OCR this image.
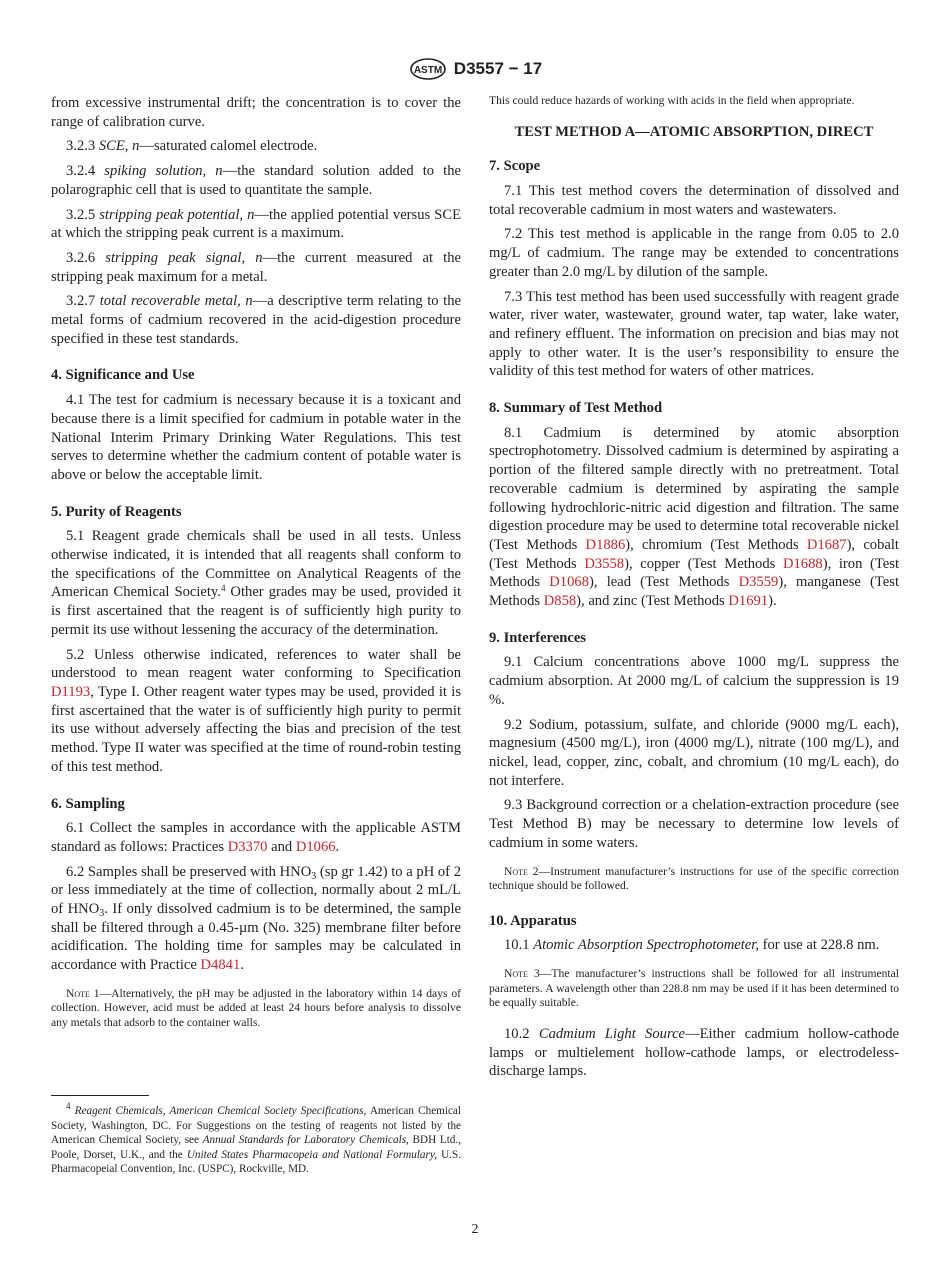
ASTM D3557 − 17

from excessive instrumental drift; the concentration is to cover the range of calibration curve.

3.2.3 SCE, n—saturated calomel electrode.

3.2.4 spiking solution, n—the standard solution added to the polarographic cell that is used to quantitate the sample.

3.2.5 stripping peak potential, n—the applied potential versus SCE at which the stripping peak current is a maximum.

3.2.6 stripping peak signal, n—the current measured at the stripping peak maximum for a metal.

3.2.7 total recoverable metal, n—a descriptive term relating to the metal forms of cadmium recovered in the acid-digestion procedure specified in these test standards.

4. Significance and Use

4.1 The test for cadmium is necessary because it is a toxicant and because there is a limit specified for cadmium in potable water in the National Interim Primary Drinking Water Regulations. This test serves to determine whether the cadmium content of potable water is above or below the acceptable limit.

5. Purity of Reagents

5.1 Reagent grade chemicals shall be used in all tests. Unless otherwise indicated, it is intended that all reagents shall conform to the specifications of the Committee on Analytical Reagents of the American Chemical Society.$^4$ Other grades may be used, provided it is first ascertained that the reagent is of sufficiently high purity to permit its use without lessening the accuracy of the determination.

5.2 Unless otherwise indicated, references to water shall be understood to mean reagent water conforming to Specification D1193, Type I. Other reagent water types may be used, provided it is first ascertained that the water is of sufficiently high purity to permit its use without adversely affecting the bias and precision of the test method. Type II water was specified at the time of round-robin testing of this test method.

6. Sampling

6.1 Collect the samples in accordance with the applicable ASTM standard as follows: Practices D3370 and D1066.

6.2 Samples shall be preserved with $HNO_3$ (sp gr 1.42) to a pH of 2 or less immediately at the time of collection, normally about 2 mL/L of $HNO_3$. If only dissolved cadmium is to be determined, the sample shall be filtered through a 0.45-µm (No. 325) membrane filter before acidification. The holding time for samples may be calculated in accordance with Practice D4841.

Note 1—Alternatively, the pH may be adjusted in the laboratory within 14 days of collection. However, acid must be added at least 24 hours before analysis to dissolve any metals that adsorb to the container walls.

$^4$ Reagent Chemicals, American Chemical Society Specifications, American Chemical Society, Washington, DC. For Suggestions on the testing of reagents not listed by the American Chemical Society, see Annual Standards for Laboratory Chemicals, BDH Ltd., Poole, Dorset, U.K., and the United States Pharmacopeia and National Formulary, U.S. Pharmacopeial Convention, Inc. (USPC), Rockville, MD.

This could reduce hazards of working with acids in the field when appropriate.

TEST METHOD A—ATOMIC ABSORPTION, DIRECT
7. Scope

7.1 This test method covers the determination of dissolved and total recoverable cadmium in most waters and wastewaters.

7.2 This test method is applicable in the range from 0.05 to 2.0 mg/L of cadmium. The range may be extended to concentrations greater than 2.0 mg/L by dilution of the sample.

7.3 This test method has been used successfully with reagent grade water, river water, wastewater, ground water, tap water, lake water, and refinery effluent. The information on precision and bias may not apply to other water. It is the user’s responsibility to ensure the validity of this test method for waters of other matrices.

8. Summary of Test Method

8.1 Cadmium is determined by atomic absorption spectrophotometry. Dissolved cadmium is determined by aspirating a portion of the filtered sample directly with no pretreatment. Total recoverable cadmium is determined by aspirating the sample following hydrochloric-nitric acid digestion and filtration. The same digestion procedure may be used to determine total recoverable nickel (Test Methods D1886), chromium (Test Methods D1687), cobalt (Test Methods D3558), copper (Test Methods D1688), iron (Test Methods D1068), lead (Test Methods D3559), manganese (Test Methods D858), and zinc (Test Methods D1691).

9. Interferences

9.1 Calcium concentrations above 1000 mg/L suppress the cadmium absorption. At 2000 mg/L of calcium the suppression is 19 %.

9.2 Sodium, potassium, sulfate, and chloride (9000 mg/L each), magnesium (4500 mg/L), iron (4000 mg/L), nitrate (100 mg/L), and nickel, lead, copper, zinc, cobalt, and chromium (10 mg/L each), do not interfere.

9.3 Background correction or a chelation-extraction procedure (see Test Method B) may be necessary to determine low levels of cadmium in some waters.

Note 2—Instrument manufacturer’s instructions for use of the specific correction technique should be followed.

10. Apparatus

10.1 Atomic Absorption Spectrophotometer, for use at 228.8 nm.

Note 3—The manufacturer’s instructions shall be followed for all instrumental parameters. A wavelength other than 228.8 nm may be used if it has been determined to be equally suitable.

10.2 Cadmium Light Source—Either cadmium hollow-cathode lamps or multielement hollow-cathode lamps, or electrodeless-discharge lamps.

2
